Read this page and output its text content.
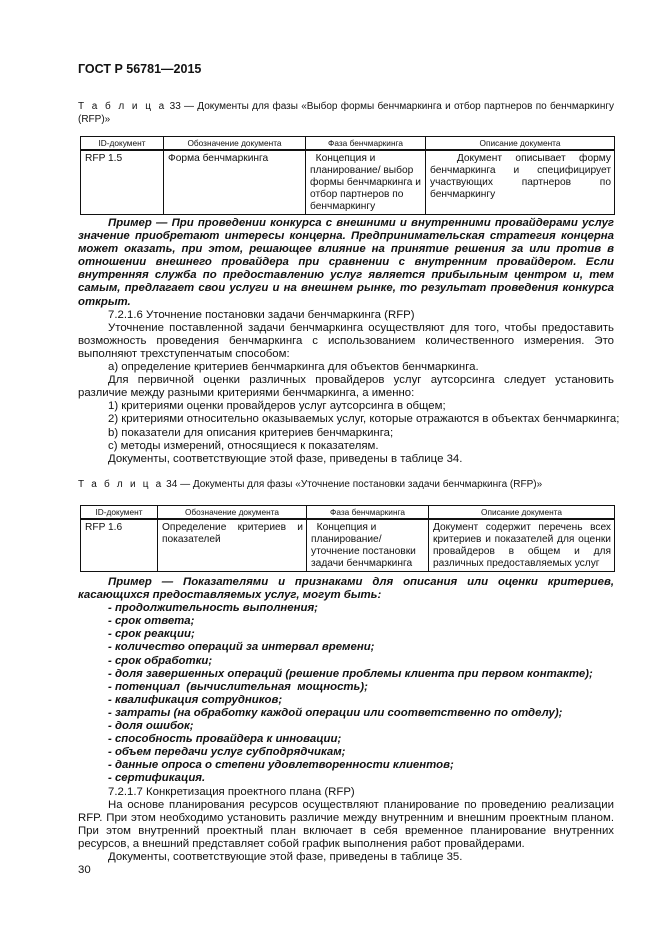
ГОСТ Р 56781—2015
Т а б л и ц а 33 — Документы для фазы «Выбор формы бенчмаркинга и отбор партнеров по бенчмаркингу (RFP)»
ID-документ	Обозначение документа	Фаза бенчмаркинга	Описание документа
RFP 1.5	Форма бенчмаркинга	Концепция и планирование/ выбор формы бенчмаркинга и отбор партнеров по бенчмаркингу	Документ описывает форму бенчмаркинга и специфицирует участвующих партнеров по бенчмаркингу

Пример — При проведении конкурса с внешними и внутренними провайдерами услуг значение приобретают интересы концерна. Предпринимательская стратегия концерна может оказать, при этом, решающее влияние на принятие решения за или против в отношении внешнего провайдера при сравнении с внутренним провайдером. Если внутренняя служба по предоставлению услуг является прибыльным центром и, тем самым, предлагает свои услуги и на внешнем рынке, то результат проведения конкурса открыт.

7.2.1.6 Уточнение постановки задачи бенчмаркинга (RFP)

Уточнение поставленной задачи бенчмаркинга осуществляют для того, чтобы предоставить возможность проведения бенчмаркинга с использованием количественного измерения. Это выполняют трехступенчатым способом:

а) определение критериев бенчмаркинга для объектов бенчмаркинга.

Для первичной оценки различных провайдеров услуг аутсорсинга следует установить различие между разными критериями бенчмаркинга, а именно:

1) критериями оценки провайдеров услуг аутсорсинга в общем;

2) критериями относительно оказываемых услуг, которые отражаются в объектах бенчмаркинга;

b) показатели для описания критериев бенчмаркинга;

c) методы измерений, относящиеся к показателям.

Документы, соответствующие этой фазе, приведены в таблице 34.

Т а б л и ц а 34 — Документы для фазы «Уточнение постановки задачи бенчмаркинга (RFP)»
ID-документ	Обозначение документа	Фаза бенчмаркинга	Описание документа
RFP 1.6	Определение критериев и показателей	Концепция и планирование/уточнение постановки задачи бенчмаркинга	Документ содержит перечень всех критериев и показателей для оценки провайдеров в общем и для различных предоставляемых услуг

Пример — Показателями и признаками для описания или оценки критериев, касающихся предоставляемых услуг, могут быть:

- продолжительность выполнения;

- срок ответа;

- срок реакции;

- количество операций за интервал времени;

- срок обработки;

- доля завершенных операций (решение проблемы клиента при первом контакте);

- потенциал  (вычислительная  мощность);

- квалификация сотрудников;

- затраты (на обработку каждой операции или соответственно по отделу);

- доля ошибок;

- способность провайдера к инновации;

- объем передачи услуг субподрядчикам;

- данные опроса о степени удовлетворенности клиентов;

- сертификация.

7.2.1.7 Конкретизация проектного плана (RFP)

На основе планирования ресурсов осуществляют планирование по проведению реализации RFP. При этом необходимо установить различие между внутренним и внешним проектным планом. При этом внутренний проектный план включает в себя временное планирование внутренних ресурсов, а внешний представляет собой график выполнения работ провайдерами.

Документы, соответствующие этой фазе, приведены в таблице 35.

30
